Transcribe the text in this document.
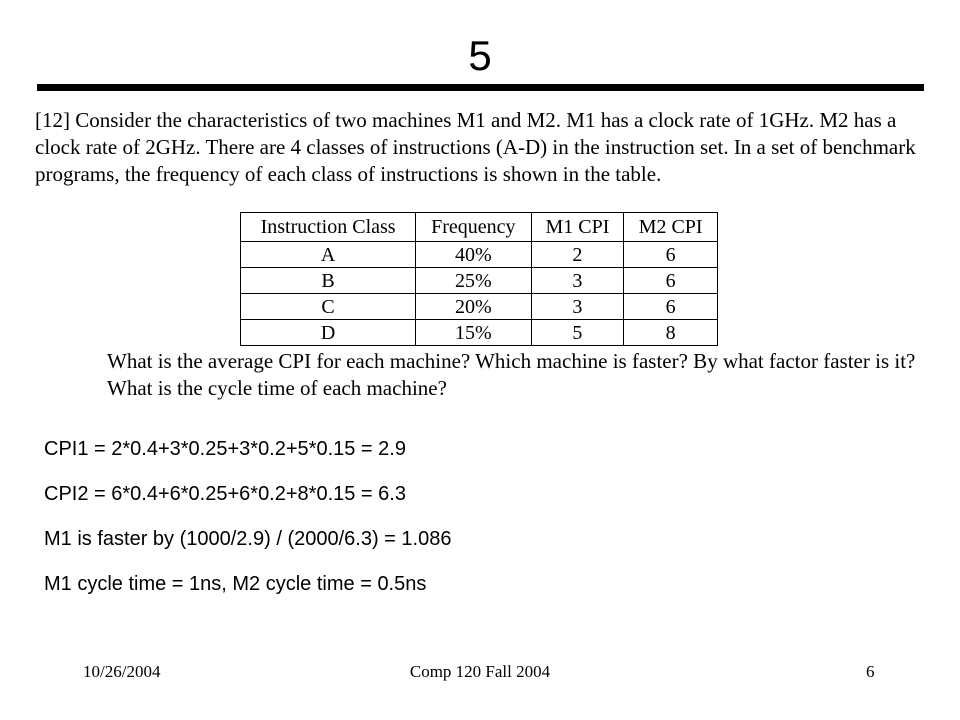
5

[12] Consider the characteristics of two machines M1 and M2. M1 has a clock rate of 1GHz. M2 has a clock rate of 2GHz. There are 4 classes of instructions (A-D) in the instruction set. In a set of benchmark programs, the frequency of each class of instructions is shown in the table.

Instruction Class	Frequency	M1 CPI	M2 CPI
A	40%	2	6
B	25%	3	6
C	20%	3	6
D	15%	5	8

What is the average CPI for each machine? Which machine is faster? By what factor faster is it? What is the cycle time of each machine?

CPI1 = 2*0.4+3*0.25+3*0.2+5*0.15 = 2.9
CPI2 = 6*0.4+6*0.25+6*0.2+8*0.15 = 6.3
M1 is faster by (1000/2.9) / (2000/6.3) = 1.086
M1 cycle time = 1ns, M2 cycle time = 0.5ns
10/26/2004	Comp 120 Fall 2004	6
